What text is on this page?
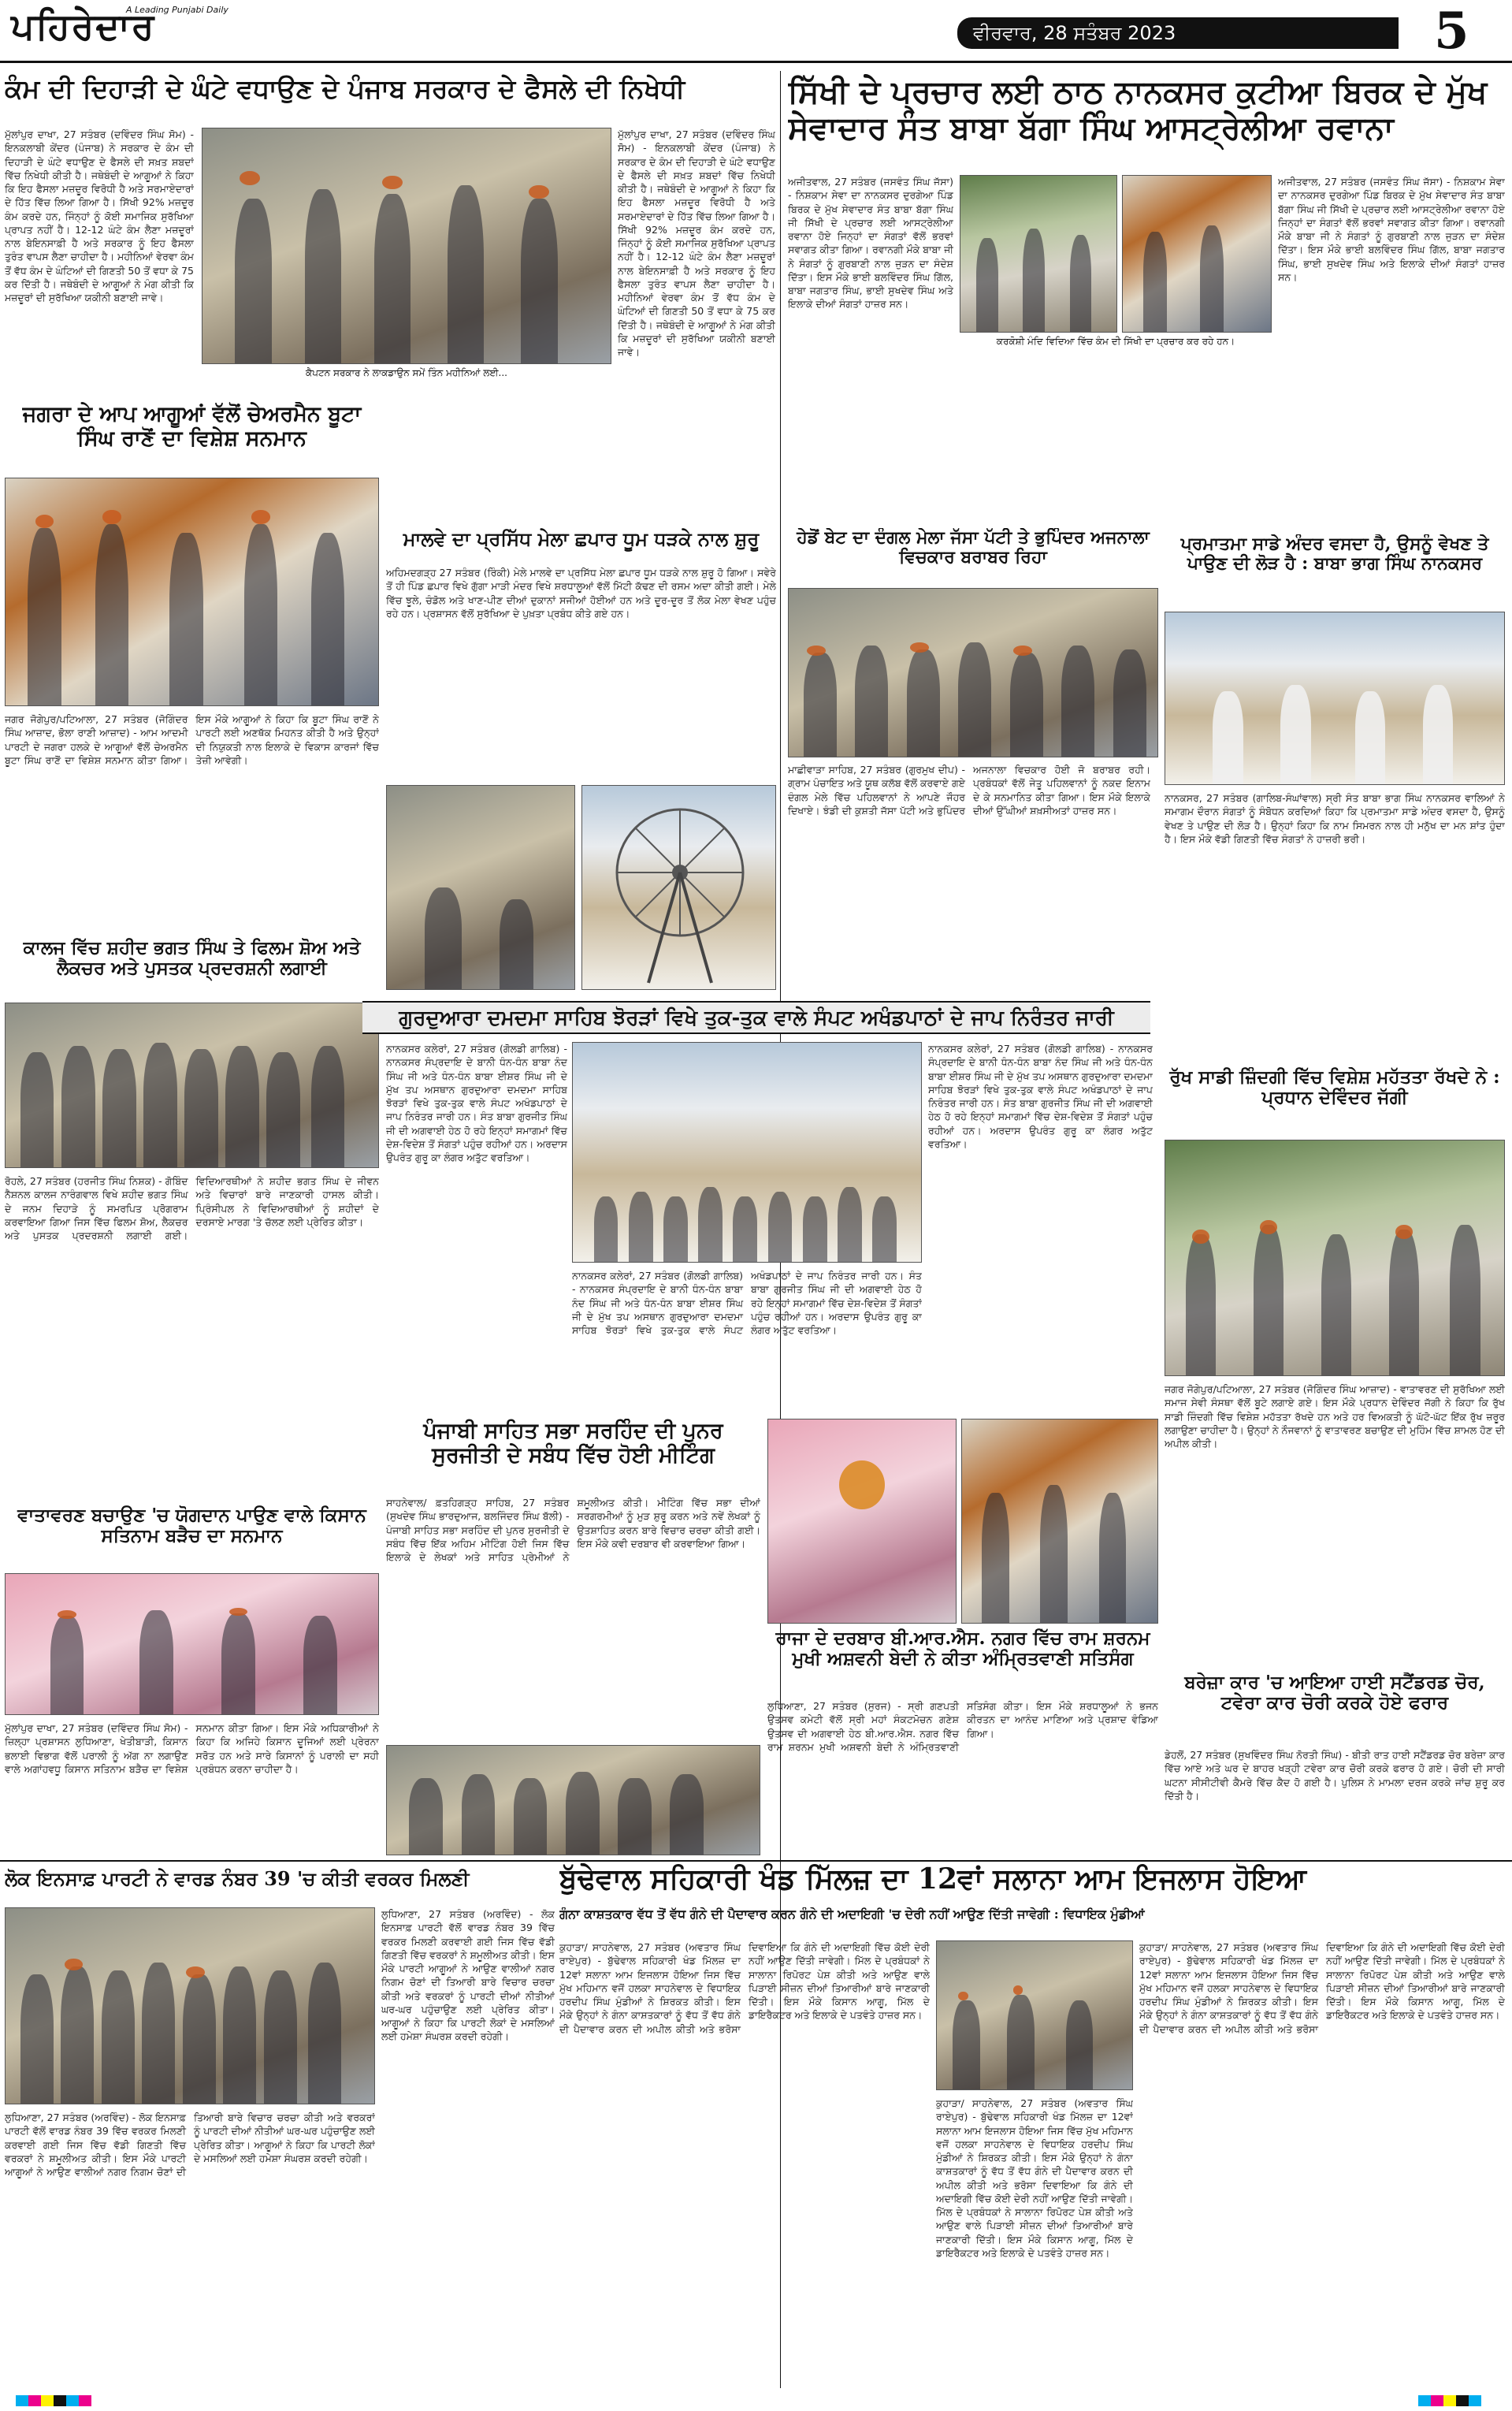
ਪਹਿਰੇਦਾਰ
A Leading Punjabi Daily
ਵੀਰਵਾਰ, 28 ਸਤੰਬਰ 2023	5
ਕੰਮ ਦੀ ਦਿਹਾੜੀ ਦੇ ਘੰਟੇ ਵਧਾਉਣ ਦੇ ਪੰਜਾਬ ਸਰਕਾਰ ਦੇ ਫੈਸਲੇ ਦੀ ਨਿਖੇਧੀ
ਮੁੱਲਾਂਪੁਰ ਦਾਖਾ, 27 ਸਤੰਬਰ (ਦਵਿੰਦਰ ਸਿੰਘ ਸੋਮ) - ਇਨਕਲਾਬੀ ਕੇਂਦਰ (ਪੰਜਾਬ) ਨੇ ਸਰਕਾਰ ਦੇ ਕੰਮ ਦੀ ਦਿਹਾੜੀ ਦੇ ਘੰਟੇ ਵਧਾਉਣ ਦੇ ਫੈਸਲੇ ਦੀ ਸਖ਼ਤ ਸ਼ਬਦਾਂ ਵਿੱਚ ਨਿਖੇਧੀ ਕੀਤੀ ਹੈ। ਜਥੇਬੰਦੀ ਦੇ ਆਗੂਆਂ ਨੇ ਕਿਹਾ ਕਿ ਇਹ ਫੈਸਲਾ ਮਜ਼ਦੂਰ ਵਿਰੋਧੀ ਹੈ ਅਤੇ ਸਰਮਾਏਦਾਰਾਂ ਦੇ ਹਿੱਤ ਵਿੱਚ ਲਿਆ ਗਿਆ ਹੈ। ਸਿੱਖੀ 92% ਮਜ਼ਦੂਰ ਕੰਮ ਕਰਦੇ ਹਨ, ਜਿੰਨ੍ਹਾਂ ਨੂੰ ਕੋਈ ਸਮਾਜਿਕ ਸੁਰੱਖਿਆ ਪ੍ਰਾਪਤ ਨਹੀਂ ਹੈ। 12-12 ਘੰਟੇ ਕੰਮ ਲੈਣਾ ਮਜ਼ਦੂਰਾਂ ਨਾਲ ਬੇਇਨਸਾਫ਼ੀ ਹੈ ਅਤੇ ਸਰਕਾਰ ਨੂੰ ਇਹ ਫੈਸਲਾ ਤੁਰੰਤ ਵਾਪਸ ਲੈਣਾ ਚਾਹੀਦਾ ਹੈ। ਮਹੀਨਿਆਂ ਵੇਰਵਾ ਕੰਮ ਤੋਂ ਵੱਧ ਕੰਮ ਦੇ ਘੰਟਿਆਂ ਦੀ ਗਿਣਤੀ 50 ਤੋਂ ਵਧਾ ਕੇ 75 ਕਰ ਦਿੱਤੀ ਹੈ। ਜਥੇਬੰਦੀ ਦੇ ਆਗੂਆਂ ਨੇ ਮੰਗ ਕੀਤੀ ਕਿ ਮਜ਼ਦੂਰਾਂ ਦੀ ਸੁਰੱਖਿਆ ਯਕੀਨੀ ਬਣਾਈ ਜਾਵੇ।
ਕੈਪਟਨ ਸਰਕਾਰ ਨੇ ਲਾਕਡਾਉਨ ਸਮੇਂ ਤਿੰਨ ਮਹੀਨਿਆਂ ਲਈ...
ਮੁੱਲਾਂਪੁਰ ਦਾਖਾ, 27 ਸਤੰਬਰ (ਦਵਿੰਦਰ ਸਿੰਘ ਸੋਮ) - ਇਨਕਲਾਬੀ ਕੇਂਦਰ (ਪੰਜਾਬ) ਨੇ ਸਰਕਾਰ ਦੇ ਕੰਮ ਦੀ ਦਿਹਾੜੀ ਦੇ ਘੰਟੇ ਵਧਾਉਣ ਦੇ ਫੈਸਲੇ ਦੀ ਸਖ਼ਤ ਸ਼ਬਦਾਂ ਵਿੱਚ ਨਿਖੇਧੀ ਕੀਤੀ ਹੈ। ਜਥੇਬੰਦੀ ਦੇ ਆਗੂਆਂ ਨੇ ਕਿਹਾ ਕਿ ਇਹ ਫੈਸਲਾ ਮਜ਼ਦੂਰ ਵਿਰੋਧੀ ਹੈ ਅਤੇ ਸਰਮਾਏਦਾਰਾਂ ਦੇ ਹਿੱਤ ਵਿੱਚ ਲਿਆ ਗਿਆ ਹੈ। ਸਿੱਖੀ 92% ਮਜ਼ਦੂਰ ਕੰਮ ਕਰਦੇ ਹਨ, ਜਿੰਨ੍ਹਾਂ ਨੂੰ ਕੋਈ ਸਮਾਜਿਕ ਸੁਰੱਖਿਆ ਪ੍ਰਾਪਤ ਨਹੀਂ ਹੈ। 12-12 ਘੰਟੇ ਕੰਮ ਲੈਣਾ ਮਜ਼ਦੂਰਾਂ ਨਾਲ ਬੇਇਨਸਾਫ਼ੀ ਹੈ ਅਤੇ ਸਰਕਾਰ ਨੂੰ ਇਹ ਫੈਸਲਾ ਤੁਰੰਤ ਵਾਪਸ ਲੈਣਾ ਚਾਹੀਦਾ ਹੈ। ਮਹੀਨਿਆਂ ਵੇਰਵਾ ਕੰਮ ਤੋਂ ਵੱਧ ਕੰਮ ਦੇ ਘੰਟਿਆਂ ਦੀ ਗਿਣਤੀ 50 ਤੋਂ ਵਧਾ ਕੇ 75 ਕਰ ਦਿੱਤੀ ਹੈ। ਜਥੇਬੰਦੀ ਦੇ ਆਗੂਆਂ ਨੇ ਮੰਗ ਕੀਤੀ ਕਿ ਮਜ਼ਦੂਰਾਂ ਦੀ ਸੁਰੱਖਿਆ ਯਕੀਨੀ ਬਣਾਈ ਜਾਵੇ।
ਸਿੱਖੀ ਦੇ ਪ੍ਰਚਾਰ ਲਈ ਠਾਠ ਨਾਨਕਸਰ ਕੁਟੀਆ ਬਿਰਕ ਦੇ ਮੁੱਖ ਸੇਵਾਦਾਰ ਸੰਤ ਬਾਬਾ ਬੱਗਾ ਸਿੰਘ ਆਸਟ੍ਰੇਲੀਆ ਰਵਾਨਾ
ਅਜੀਤਵਾਲ, 27 ਸਤੰਬਰ (ਜਸਵੰਤ ਸਿੰਘ ਜੱਸਾ) - ਨਿਸ਼ਕਾਮ ਸੇਵਾ ਦਾ ਨਾਨਕਸਰ ਦੁਰਗੇਆ ਪਿੰਡ ਬਿਰਕ ਦੇ ਮੁੱਖ ਸੇਵਾਦਾਰ ਸੰਤ ਬਾਬਾ ਬੱਗਾ ਸਿੰਘ ਜੀ ਸਿੱਖੀ ਦੇ ਪ੍ਰਚਾਰ ਲਈ ਆਸਟ੍ਰੇਲੀਆ ਰਵਾਨਾ ਹੋਏ ਜਿਨ੍ਹਾਂ ਦਾ ਸੰਗਤਾਂ ਵੱਲੋਂ ਭਰਵਾਂ ਸਵਾਗਤ ਕੀਤਾ ਗਿਆ। ਰਵਾਨਗੀ ਮੌਕੇ ਬਾਬਾ ਜੀ ਨੇ ਸੰਗਤਾਂ ਨੂੰ ਗੁਰਬਾਣੀ ਨਾਲ ਜੁੜਨ ਦਾ ਸੰਦੇਸ਼ ਦਿੱਤਾ। ਇਸ ਮੌਕੇ ਭਾਈ ਬਲਵਿੰਦਰ ਸਿੰਘ ਗਿੱਲ, ਬਾਬਾ ਜਗਤਾਰ ਸਿੰਘ, ਭਾਈ ਸੁਖਦੇਵ ਸਿੰਘ ਅਤੇ ਇਲਾਕੇ ਦੀਆਂ ਸੰਗਤਾਂ ਹਾਜ਼ਰ ਸਨ।
ਕਰਕੋਸ਼ੀ ਮੰਦਿ ਵਿਦਿਆ ਵਿੱਚ ਕੰਮ ਦੀ ਸਿੱਖੀ ਦਾ ਪ੍ਰਚਾਰ ਕਰ ਰਹੇ ਹਨ।
ਅਜੀਤਵਾਲ, 27 ਸਤੰਬਰ (ਜਸਵੰਤ ਸਿੰਘ ਜੱਸਾ) - ਨਿਸ਼ਕਾਮ ਸੇਵਾ ਦਾ ਨਾਨਕਸਰ ਦੁਰਗੇਆ ਪਿੰਡ ਬਿਰਕ ਦੇ ਮੁੱਖ ਸੇਵਾਦਾਰ ਸੰਤ ਬਾਬਾ ਬੱਗਾ ਸਿੰਘ ਜੀ ਸਿੱਖੀ ਦੇ ਪ੍ਰਚਾਰ ਲਈ ਆਸਟ੍ਰੇਲੀਆ ਰਵਾਨਾ ਹੋਏ ਜਿਨ੍ਹਾਂ ਦਾ ਸੰਗਤਾਂ ਵੱਲੋਂ ਭਰਵਾਂ ਸਵਾਗਤ ਕੀਤਾ ਗਿਆ। ਰਵਾਨਗੀ ਮੌਕੇ ਬਾਬਾ ਜੀ ਨੇ ਸੰਗਤਾਂ ਨੂੰ ਗੁਰਬਾਣੀ ਨਾਲ ਜੁੜਨ ਦਾ ਸੰਦੇਸ਼ ਦਿੱਤਾ। ਇਸ ਮੌਕੇ ਭਾਈ ਬਲਵਿੰਦਰ ਸਿੰਘ ਗਿੱਲ, ਬਾਬਾ ਜਗਤਾਰ ਸਿੰਘ, ਭਾਈ ਸੁਖਦੇਵ ਸਿੰਘ ਅਤੇ ਇਲਾਕੇ ਦੀਆਂ ਸੰਗਤਾਂ ਹਾਜ਼ਰ ਸਨ।
ਜਗਰਾ ਦੇ ਆਪ ਆਗੂਆਂ ਵੱਲੋਂ ਚੇਅਰਮੈਨ ਬੂਟਾ ਸਿੰਘ ਰਾਣੋਂ ਦਾ ਵਿਸ਼ੇਸ਼ ਸਨਮਾਨ
ਜਗਰ ਜੋਗੇਪੁਰ/ਪਟਿਆਲਾ, 27 ਸਤੰਬਰ (ਜੋਗਿੰਦਰ ਸਿੰਘ ਆਜ਼ਾਦ, ਭੋਲਾ ਰਾਣੀ ਆਜ਼ਾਦ) - ਆਮ ਆਦਮੀ ਪਾਰਟੀ ਦੇ ਜਗਰਾ ਹਲਕੇ ਦੇ ਆਗੂਆਂ ਵੱਲੋਂ ਚੇਅਰਮੈਨ ਬੂਟਾ ਸਿੰਘ ਰਾਣੋਂ ਦਾ ਵਿਸ਼ੇਸ਼ ਸਨਮਾਨ ਕੀਤਾ ਗਿਆ। ਇਸ ਮੌਕੇ ਆਗੂਆਂ ਨੇ ਕਿਹਾ ਕਿ ਬੂਟਾ ਸਿੰਘ ਰਾਣੋਂ ਨੇ ਪਾਰਟੀ ਲਈ ਅਣਥੱਕ ਮਿਹਨਤ ਕੀਤੀ ਹੈ ਅਤੇ ਉਨ੍ਹਾਂ ਦੀ ਨਿਯੁਕਤੀ ਨਾਲ ਇਲਾਕੇ ਦੇ ਵਿਕਾਸ ਕਾਰਜਾਂ ਵਿੱਚ ਤੇਜ਼ੀ ਆਵੇਗੀ।
ਮਾਲਵੇ ਦਾ ਪ੍ਰਸਿੱਧ ਮੇਲਾ ਛਪਾਰ ਧੂਮ ਧੜਕੇ ਨਾਲ ਸ਼ੁਰੂ
ਅਹਿਮਦਗੜ੍ਹ 27 ਸਤੰਬਰ (ਰਿੰਕੀ) ਮੇਲੇ ਮਾਲਵੇ ਦਾ ਪ੍ਰਸਿੱਧ ਮੇਲਾ ਛਪਾਰ ਧੂਮ ਧੜਕੇ ਨਾਲ ਸ਼ੁਰੂ ਹੋ ਗਿਆ। ਸਵੇਰੇ ਤੋਂ ਹੀ ਪਿੰਡ ਛਪਾਰ ਵਿਖੇ ਗੁੱਗਾ ਮਾੜੀ ਮੰਦਰ ਵਿਖੇ ਸ਼ਰਧਾਲੂਆਂ ਵੱਲੋਂ ਮਿੱਟੀ ਕੱਢਣ ਦੀ ਰਸਮ ਅਦਾ ਕੀਤੀ ਗਈ। ਮੇਲੇ ਵਿੱਚ ਝੂਲੇ, ਚੰਡੋਲ ਅਤੇ ਖਾਣ-ਪੀਣ ਦੀਆਂ ਦੁਕਾਨਾਂ ਸਜੀਆਂ ਹੋਈਆਂ ਹਨ ਅਤੇ ਦੂਰ-ਦੂਰ ਤੋਂ ਲੋਕ ਮੇਲਾ ਵੇਖਣ ਪਹੁੰਚ ਰਹੇ ਹਨ। ਪ੍ਰਸ਼ਾਸਨ ਵੱਲੋਂ ਸੁਰੱਖਿਆ ਦੇ ਪੁਖ਼ਤਾ ਪ੍ਰਬੰਧ ਕੀਤੇ ਗਏ ਹਨ।
ਹੇਡੋਂ ਬੇਟ ਦਾ ਦੰਗਲ ਮੇਲਾ ਜੱਸਾ ਪੱਟੀ ਤੇ ਭੁਪਿੰਦਰ ਅਜਨਾਲਾ ਵਿਚਕਾਰ ਬਰਾਬਰ ਰਿਹਾ
ਮਾਛੀਵਾੜਾ ਸਾਹਿਬ, 27 ਸਤੰਬਰ (ਗੁਰਮੁਖ ਦੀਪ) - ਗ੍ਰਾਮ ਪੰਚਾਇਤ ਅਤੇ ਯੂਥ ਕਲੱਬ ਵੱਲੋਂ ਕਰਵਾਏ ਗਏ ਦੰਗਲ ਮੇਲੇ ਵਿੱਚ ਪਹਿਲਵਾਨਾਂ ਨੇ ਆਪਣੇ ਜੌਹਰ ਦਿਖਾਏ। ਝੰਡੀ ਦੀ ਕੁਸ਼ਤੀ ਜੱਸਾ ਪੱਟੀ ਅਤੇ ਭੁਪਿੰਦਰ ਅਜਨਾਲਾ ਵਿਚਕਾਰ ਹੋਈ ਜੋ ਬਰਾਬਰ ਰਹੀ। ਪ੍ਰਬੰਧਕਾਂ ਵੱਲੋਂ ਜੇਤੂ ਪਹਿਲਵਾਨਾਂ ਨੂੰ ਨਕਦ ਇਨਾਮ ਦੇ ਕੇ ਸਨਮਾਨਿਤ ਕੀਤਾ ਗਿਆ। ਇਸ ਮੌਕੇ ਇਲਾਕੇ ਦੀਆਂ ਉੱਘੀਆਂ ਸ਼ਖ਼ਸੀਅਤਾਂ ਹਾਜ਼ਰ ਸਨ।
ਪ੍ਰਮਾਤਮਾ ਸਾਡੇ ਅੰਦਰ ਵਸਦਾ ਹੈ, ਉਸਨੂੰ ਵੇਖਣ ਤੇ ਪਾਉਣ ਦੀ ਲੋੜ ਹੈ : ਬਾਬਾ ਭਾਗ ਸਿੰਘ ਨਾਨਕਸਰ
ਨਾਨਕਸਰ, 27 ਸਤੰਬਰ (ਗਾਲਿਬ-ਸੰਘਾਂਵਾਲ) ਸ੍ਰੀ ਸੰਤ ਬਾਬਾ ਭਾਗ ਸਿੰਘ ਨਾਨਕਸਰ ਵਾਲਿਆਂ ਨੇ ਸਮਾਗਮ ਦੌਰਾਨ ਸੰਗਤਾਂ ਨੂੰ ਸੰਬੋਧਨ ਕਰਦਿਆਂ ਕਿਹਾ ਕਿ ਪ੍ਰਮਾਤਮਾ ਸਾਡੇ ਅੰਦਰ ਵਸਦਾ ਹੈ, ਉਸਨੂੰ ਵੇਖਣ ਤੇ ਪਾਉਣ ਦੀ ਲੋੜ ਹੈ। ਉਨ੍ਹਾਂ ਕਿਹਾ ਕਿ ਨਾਮ ਸਿਮਰਨ ਨਾਲ ਹੀ ਮਨੁੱਖ ਦਾ ਮਨ ਸ਼ਾਂਤ ਹੁੰਦਾ ਹੈ। ਇਸ ਮੌਕੇ ਵੱਡੀ ਗਿਣਤੀ ਵਿੱਚ ਸੰਗਤਾਂ ਨੇ ਹਾਜ਼ਰੀ ਭਰੀ।
ਕਾਲਜ ਵਿੱਚ ਸ਼ਹੀਦ ਭਗਤ ਸਿੰਘ ਤੇ ਫਿਲਮ ਸ਼ੋਅ ਅਤੇ ਲੈਕਚਰ ਅਤੇ ਪੁਸਤਕ ਪ੍ਰਦਰਸ਼ਨੀ ਲਗਾਈ
ਰੋਹਲੇ, 27 ਸਤੰਬਰ (ਹਰਜੀਤ ਸਿੰਘ ਨਿਸ਼ਕ) - ਗੋਬਿੰਦ ਨੈਸ਼ਨਲ ਕਾਲਜ ਨਾਰੰਗਵਾਲ ਵਿਖੇ ਸ਼ਹੀਦ ਭਗਤ ਸਿੰਘ ਦੇ ਜਨਮ ਦਿਹਾੜੇ ਨੂੰ ਸਮਰਪਿਤ ਪ੍ਰੋਗਰਾਮ ਕਰਵਾਇਆ ਗਿਆ ਜਿਸ ਵਿੱਚ ਫਿਲਮ ਸ਼ੋਅ, ਲੈਕਚਰ ਅਤੇ ਪੁਸਤਕ ਪ੍ਰਦਰਸ਼ਨੀ ਲਗਾਈ ਗਈ। ਵਿਦਿਆਰਥੀਆਂ ਨੇ ਸ਼ਹੀਦ ਭਗਤ ਸਿੰਘ ਦੇ ਜੀਵਨ ਅਤੇ ਵਿਚਾਰਾਂ ਬਾਰੇ ਜਾਣਕਾਰੀ ਹਾਸਲ ਕੀਤੀ। ਪ੍ਰਿੰਸੀਪਲ ਨੇ ਵਿਦਿਆਰਥੀਆਂ ਨੂੰ ਸ਼ਹੀਦਾਂ ਦੇ ਦਰਸਾਏ ਮਾਰਗ 'ਤੇ ਚੱਲਣ ਲਈ ਪ੍ਰੇਰਿਤ ਕੀਤਾ।
ਗੁਰਦੁਆਰਾ ਦਮਦਮਾ ਸਾਹਿਬ ਝੋਰੜਾਂ ਵਿਖੇ ਤੁਕ-ਤੁਕ ਵਾਲੇ ਸੰਪਟ ਅਖੰਡਪਾਠਾਂ ਦੇ ਜਾਪ ਨਿਰੰਤਰ ਜਾਰੀ
ਨਾਨਕਸਰ ਕਲੇਰਾਂ, 27 ਸਤੰਬਰ (ਗੋਲਡੀ ਗਾਲਿਬ) - ਨਾਨਕਸਰ ਸੰਪ੍ਰਦਾਇ ਦੇ ਬਾਨੀ ਧੰਨ-ਧੰਨ ਬਾਬਾ ਨੰਦ ਸਿੰਘ ਜੀ ਅਤੇ ਧੰਨ-ਧੰਨ ਬਾਬਾ ਈਸ਼ਰ ਸਿੰਘ ਜੀ ਦੇ ਮੁੱਖ ਤਪ ਅਸਥਾਨ ਗੁਰਦੁਆਰਾ ਦਮਦਮਾ ਸਾਹਿਬ ਝੋਰੜਾਂ ਵਿਖੇ ਤੁਕ-ਤੁਕ ਵਾਲੇ ਸੰਪਟ ਅਖੰਡਪਾਠਾਂ ਦੇ ਜਾਪ ਨਿਰੰਤਰ ਜਾਰੀ ਹਨ। ਸੰਤ ਬਾਬਾ ਗੁਰਜੀਤ ਸਿੰਘ ਜੀ ਦੀ ਅਗਵਾਈ ਹੇਠ ਹੋ ਰਹੇ ਇਨ੍ਹਾਂ ਸਮਾਗਮਾਂ ਵਿੱਚ ਦੇਸ਼-ਵਿਦੇਸ਼ ਤੋਂ ਸੰਗਤਾਂ ਪਹੁੰਚ ਰਹੀਆਂ ਹਨ। ਅਰਦਾਸ ਉਪਰੰਤ ਗੁਰੂ ਕਾ ਲੰਗਰ ਅਤੁੱਟ ਵਰਤਿਆ।
ਨਾਨਕਸਰ ਕਲੇਰਾਂ, 27 ਸਤੰਬਰ (ਗੋਲਡੀ ਗਾਲਿਬ) - ਨਾਨਕਸਰ ਸੰਪ੍ਰਦਾਇ ਦੇ ਬਾਨੀ ਧੰਨ-ਧੰਨ ਬਾਬਾ ਨੰਦ ਸਿੰਘ ਜੀ ਅਤੇ ਧੰਨ-ਧੰਨ ਬਾਬਾ ਈਸ਼ਰ ਸਿੰਘ ਜੀ ਦੇ ਮੁੱਖ ਤਪ ਅਸਥਾਨ ਗੁਰਦੁਆਰਾ ਦਮਦਮਾ ਸਾਹਿਬ ਝੋਰੜਾਂ ਵਿਖੇ ਤੁਕ-ਤੁਕ ਵਾਲੇ ਸੰਪਟ ਅਖੰਡਪਾਠਾਂ ਦੇ ਜਾਪ ਨਿਰੰਤਰ ਜਾਰੀ ਹਨ। ਸੰਤ ਬਾਬਾ ਗੁਰਜੀਤ ਸਿੰਘ ਜੀ ਦੀ ਅਗਵਾਈ ਹੇਠ ਹੋ ਰਹੇ ਇਨ੍ਹਾਂ ਸਮਾਗਮਾਂ ਵਿੱਚ ਦੇਸ਼-ਵਿਦੇਸ਼ ਤੋਂ ਸੰਗਤਾਂ ਪਹੁੰਚ ਰਹੀਆਂ ਹਨ। ਅਰਦਾਸ ਉਪਰੰਤ ਗੁਰੂ ਕਾ ਲੰਗਰ ਅਤੁੱਟ ਵਰਤਿਆ।
ਨਾਨਕਸਰ ਕਲੇਰਾਂ, 27 ਸਤੰਬਰ (ਗੋਲਡੀ ਗਾਲਿਬ) - ਨਾਨਕਸਰ ਸੰਪ੍ਰਦਾਇ ਦੇ ਬਾਨੀ ਧੰਨ-ਧੰਨ ਬਾਬਾ ਨੰਦ ਸਿੰਘ ਜੀ ਅਤੇ ਧੰਨ-ਧੰਨ ਬਾਬਾ ਈਸ਼ਰ ਸਿੰਘ ਜੀ ਦੇ ਮੁੱਖ ਤਪ ਅਸਥਾਨ ਗੁਰਦੁਆਰਾ ਦਮਦਮਾ ਸਾਹਿਬ ਝੋਰੜਾਂ ਵਿਖੇ ਤੁਕ-ਤੁਕ ਵਾਲੇ ਸੰਪਟ ਅਖੰਡਪਾਠਾਂ ਦੇ ਜਾਪ ਨਿਰੰਤਰ ਜਾਰੀ ਹਨ। ਸੰਤ ਬਾਬਾ ਗੁਰਜੀਤ ਸਿੰਘ ਜੀ ਦੀ ਅਗਵਾਈ ਹੇਠ ਹੋ ਰਹੇ ਇਨ੍ਹਾਂ ਸਮਾਗਮਾਂ ਵਿੱਚ ਦੇਸ਼-ਵਿਦੇਸ਼ ਤੋਂ ਸੰਗਤਾਂ ਪਹੁੰਚ ਰਹੀਆਂ ਹਨ। ਅਰਦਾਸ ਉਪਰੰਤ ਗੁਰੂ ਕਾ ਲੰਗਰ ਅਤੁੱਟ ਵਰਤਿਆ।
ਰੁੱਖ ਸਾਡੀ ਜ਼ਿੰਦਗੀ ਵਿੱਚ ਵਿਸ਼ੇਸ਼ ਮਹੱਤਤਾ ਰੱਖਦੇ ਨੇ : ਪ੍ਰਧਾਨ ਦੇਵਿੰਦਰ ਜੱਗੀ
ਜਗਰ ਜੋਗੇਪੁਰ/ਪਟਿਆਲਾ, 27 ਸਤੰਬਰ (ਜੋਗਿੰਦਰ ਸਿੰਘ ਆਜ਼ਾਦ) - ਵਾਤਾਵਰਣ ਦੀ ਸੁਰੱਖਿਆ ਲਈ ਸਮਾਜ ਸੇਵੀ ਸੰਸਥਾ ਵੱਲੋਂ ਬੂਟੇ ਲਗਾਏ ਗਏ। ਇਸ ਮੌਕੇ ਪ੍ਰਧਾਨ ਦੇਵਿੰਦਰ ਜੱਗੀ ਨੇ ਕਿਹਾ ਕਿ ਰੁੱਖ ਸਾਡੀ ਜ਼ਿੰਦਗੀ ਵਿੱਚ ਵਿਸ਼ੇਸ਼ ਮਹੱਤਤਾ ਰੱਖਦੇ ਹਨ ਅਤੇ ਹਰ ਵਿਅਕਤੀ ਨੂੰ ਘੱਟੋ-ਘੱਟ ਇੱਕ ਰੁੱਖ ਜ਼ਰੂਰ ਲਗਾਉਣਾ ਚਾਹੀਦਾ ਹੈ। ਉਨ੍ਹਾਂ ਨੇ ਨੌਜਵਾਨਾਂ ਨੂੰ ਵਾਤਾਵਰਣ ਬਚਾਉਣ ਦੀ ਮੁਹਿੰਮ ਵਿੱਚ ਸ਼ਾਮਲ ਹੋਣ ਦੀ ਅਪੀਲ ਕੀਤੀ।
ਪੰਜਾਬੀ ਸਾਹਿਤ ਸਭਾ ਸਰਹਿੰਦ ਦੀ ਪੁਨਰ ਸੁਰਜੀਤੀ ਦੇ ਸਬੰਧ ਵਿੱਚ ਹੋਈ ਮੀਟਿੰਗ
ਸਾਹਨੇਵਾਲ/ ਫ਼ਤਹਿਗੜ੍ਹ ਸਾਹਿਬ, 27 ਸਤੰਬਰ (ਸੁਖਦੇਵ ਸਿੰਘ ਭਾਰਦੁਆਜ, ਬਲਜਿੰਦਰ ਸਿੰਘ ਬੱਲੀ) - ਪੰਜਾਬੀ ਸਾਹਿਤ ਸਭਾ ਸਰਹਿੰਦ ਦੀ ਪੁਨਰ ਸੁਰਜੀਤੀ ਦੇ ਸਬੰਧ ਵਿੱਚ ਇੱਕ ਅਹਿਮ ਮੀਟਿੰਗ ਹੋਈ ਜਿਸ ਵਿੱਚ ਇਲਾਕੇ ਦੇ ਲੇਖਕਾਂ ਅਤੇ ਸਾਹਿਤ ਪ੍ਰੇਮੀਆਂ ਨੇ ਸ਼ਮੂਲੀਅਤ ਕੀਤੀ। ਮੀਟਿੰਗ ਵਿੱਚ ਸਭਾ ਦੀਆਂ ਸਰਗਰਮੀਆਂ ਨੂੰ ਮੁੜ ਸ਼ੁਰੂ ਕਰਨ ਅਤੇ ਨਵੇਂ ਲੇਖਕਾਂ ਨੂੰ ਉਤਸ਼ਾਹਿਤ ਕਰਨ ਬਾਰੇ ਵਿਚਾਰ ਚਰਚਾ ਕੀਤੀ ਗਈ। ਇਸ ਮੌਕੇ ਕਵੀ ਦਰਬਾਰ ਵੀ ਕਰਵਾਇਆ ਗਿਆ।
ਵਾਤਾਵਰਣ ਬਚਾਉਣ 'ਚ ਯੋਗਦਾਨ ਪਾਉਣ ਵਾਲੇ ਕਿਸਾਨ ਸਤਿਨਾਮ ਬੜੈਚ ਦਾ ਸਨਮਾਨ
ਮੁੱਲਾਂਪੁਰ ਦਾਖਾ, 27 ਸਤੰਬਰ (ਦਵਿੰਦਰ ਸਿੰਘ ਸੋਮ) - ਜ਼ਿਲ੍ਹਾ ਪ੍ਰਸ਼ਾਸਨ ਲੁਧਿਆਣਾ, ਖੇਤੀਬਾੜੀ, ਕਿਸਾਨ ਭਲਾਈ ਵਿਭਾਗ ਵੱਲੋਂ ਪਰਾਲੀ ਨੂੰ ਅੱਗ ਨਾ ਲਗਾਉਣ ਵਾਲੇ ਅਗਾਂਹਵਧੂ ਕਿਸਾਨ ਸਤਿਨਾਮ ਬੜੈਚ ਦਾ ਵਿਸ਼ੇਸ਼ ਸਨਮਾਨ ਕੀਤਾ ਗਿਆ। ਇਸ ਮੌਕੇ ਅਧਿਕਾਰੀਆਂ ਨੇ ਕਿਹਾ ਕਿ ਅਜਿਹੇ ਕਿਸਾਨ ਦੂਜਿਆਂ ਲਈ ਪ੍ਰੇਰਨਾ ਸਰੋਤ ਹਨ ਅਤੇ ਸਾਰੇ ਕਿਸਾਨਾਂ ਨੂੰ ਪਰਾਲੀ ਦਾ ਸਹੀ ਪ੍ਰਬੰਧਨ ਕਰਨਾ ਚਾਹੀਦਾ ਹੈ।
ਰਾਜਾ ਦੇ ਦਰਬਾਰ ਬੀ.ਆਰ.ਐਸ. ਨਗਰ ਵਿੱਚ ਰਾਮ ਸ਼ਰਨਮ ਮੁਖੀ ਅਸ਼ਵਨੀ ਬੇਦੀ ਨੇ ਕੀਤਾ ਅੰਮ੍ਰਿਤਵਾਣੀ ਸਤਿਸੰਗ
ਲੁਧਿਆਣਾ, 27 ਸਤੰਬਰ (ਸੁਰਜ) - ਸ੍ਰੀ ਗਣਪਤੀ ਉਤਸਵ ਕਮੇਟੀ ਵੱਲੋਂ ਸ੍ਰੀ ਮਹਾਂ ਸੰਕਟਮੋਚਨ ਗਣੇਸ਼ ਉਤਸਵ ਦੀ ਅਗਵਾਈ ਹੇਠ ਬੀ.ਆਰ.ਐਸ. ਨਗਰ ਵਿੱਚ ਰਾਮ ਸ਼ਰਨਮ ਮੁਖੀ ਅਸ਼ਵਨੀ ਬੇਦੀ ਨੇ ਅੰਮ੍ਰਿਤਵਾਣੀ ਸਤਿਸੰਗ ਕੀਤਾ। ਇਸ ਮੌਕੇ ਸ਼ਰਧਾਲੂਆਂ ਨੇ ਭਜਨ ਕੀਰਤਨ ਦਾ ਆਨੰਦ ਮਾਣਿਆ ਅਤੇ ਪ੍ਰਸ਼ਾਦ ਵੰਡਿਆ ਗਿਆ।
ਬਰੇਜ਼ਾ ਕਾਰ 'ਚ ਆਇਆ ਹਾਈ ਸਟੈਂਡਰਡ ਚੋਰ, ਟਵੇਰਾ ਕਾਰ ਚੋਰੀ ਕਰਕੇ ਹੋਏ ਫਰਾਰ
ਡੇਹਲੋਂ, 27 ਸਤੰਬਰ (ਸੁਖਵਿੰਦਰ ਸਿੰਘ ਨੋਰਤੀ ਸਿੰਘ) - ਬੀਤੀ ਰਾਤ ਹਾਈ ਸਟੈਂਡਰਡ ਚੋਰ ਬਰੇਜ਼ਾ ਕਾਰ ਵਿੱਚ ਆਏ ਅਤੇ ਘਰ ਦੇ ਬਾਹਰ ਖੜ੍ਹੀ ਟਵੇਰਾ ਕਾਰ ਚੋਰੀ ਕਰਕੇ ਫਰਾਰ ਹੋ ਗਏ। ਚੋਰੀ ਦੀ ਸਾਰੀ ਘਟਨਾ ਸੀਸੀਟੀਵੀ ਕੈਮਰੇ ਵਿੱਚ ਕੈਦ ਹੋ ਗਈ ਹੈ। ਪੁਲਿਸ ਨੇ ਮਾਮਲਾ ਦਰਜ ਕਰਕੇ ਜਾਂਚ ਸ਼ੁਰੂ ਕਰ ਦਿੱਤੀ ਹੈ।
ਲੋਕ ਇਨਸਾਫ਼ ਪਾਰਟੀ ਨੇ ਵਾਰਡ ਨੰਬਰ 39 'ਚ ਕੀਤੀ ਵਰਕਰ ਮਿਲਣੀ
ਲੁਧਿਆਣਾ, 27 ਸਤੰਬਰ (ਅਰਵਿੰਦ) - ਲੋਕ ਇਨਸਾਫ਼ ਪਾਰਟੀ ਵੱਲੋਂ ਵਾਰਡ ਨੰਬਰ 39 ਵਿੱਚ ਵਰਕਰ ਮਿਲਣੀ ਕਰਵਾਈ ਗਈ ਜਿਸ ਵਿੱਚ ਵੱਡੀ ਗਿਣਤੀ ਵਿੱਚ ਵਰਕਰਾਂ ਨੇ ਸ਼ਮੂਲੀਅਤ ਕੀਤੀ। ਇਸ ਮੌਕੇ ਪਾਰਟੀ ਆਗੂਆਂ ਨੇ ਆਉਣ ਵਾਲੀਆਂ ਨਗਰ ਨਿਗਮ ਚੋਣਾਂ ਦੀ ਤਿਆਰੀ ਬਾਰੇ ਵਿਚਾਰ ਚਰਚਾ ਕੀਤੀ ਅਤੇ ਵਰਕਰਾਂ ਨੂੰ ਪਾਰਟੀ ਦੀਆਂ ਨੀਤੀਆਂ ਘਰ-ਘਰ ਪਹੁੰਚਾਉਣ ਲਈ ਪ੍ਰੇਰਿਤ ਕੀਤਾ। ਆਗੂਆਂ ਨੇ ਕਿਹਾ ਕਿ ਪਾਰਟੀ ਲੋਕਾਂ ਦੇ ਮਸਲਿਆਂ ਲਈ ਹਮੇਸ਼ਾ ਸੰਘਰਸ਼ ਕਰਦੀ ਰਹੇਗੀ।
ਲੁਧਿਆਣਾ, 27 ਸਤੰਬਰ (ਅਰਵਿੰਦ) - ਲੋਕ ਇਨਸਾਫ਼ ਪਾਰਟੀ ਵੱਲੋਂ ਵਾਰਡ ਨੰਬਰ 39 ਵਿੱਚ ਵਰਕਰ ਮਿਲਣੀ ਕਰਵਾਈ ਗਈ ਜਿਸ ਵਿੱਚ ਵੱਡੀ ਗਿਣਤੀ ਵਿੱਚ ਵਰਕਰਾਂ ਨੇ ਸ਼ਮੂਲੀਅਤ ਕੀਤੀ। ਇਸ ਮੌਕੇ ਪਾਰਟੀ ਆਗੂਆਂ ਨੇ ਆਉਣ ਵਾਲੀਆਂ ਨਗਰ ਨਿਗਮ ਚੋਣਾਂ ਦੀ ਤਿਆਰੀ ਬਾਰੇ ਵਿਚਾਰ ਚਰਚਾ ਕੀਤੀ ਅਤੇ ਵਰਕਰਾਂ ਨੂੰ ਪਾਰਟੀ ਦੀਆਂ ਨੀਤੀਆਂ ਘਰ-ਘਰ ਪਹੁੰਚਾਉਣ ਲਈ ਪ੍ਰੇਰਿਤ ਕੀਤਾ। ਆਗੂਆਂ ਨੇ ਕਿਹਾ ਕਿ ਪਾਰਟੀ ਲੋਕਾਂ ਦੇ ਮਸਲਿਆਂ ਲਈ ਹਮੇਸ਼ਾ ਸੰਘਰਸ਼ ਕਰਦੀ ਰਹੇਗੀ।
ਬੁੱਢੇਵਾਲ ਸਹਿਕਾਰੀ ਖੰਡ ਮਿੱਲਜ਼ ਦਾ 12ਵਾਂ ਸਲਾਨਾ ਆਮ ਇਜਲਾਸ ਹੋਇਆ
ਗੰਨਾ ਕਾਸ਼ਤਕਾਰ ਵੱਧ ਤੋਂ ਵੱਧ ਗੰਨੇ ਦੀ ਪੈਦਾਵਾਰ ਕਰਨ ਗੰਨੇ ਦੀ ਅਦਾਇਗੀ 'ਚ ਦੇਰੀ ਨਹੀਂ ਆਉਣ ਦਿੱਤੀ ਜਾਵੇਗੀ : ਵਿਧਾਇਕ ਮੁੰਡੀਆਂ
ਕੁਹਾੜਾ/ ਸਾਹਨੇਵਾਲ, 27 ਸਤੰਬਰ (ਅਵਤਾਰ ਸਿੰਘ ਰਾਏਪੁਰ) - ਬੁੱਢੇਵਾਲ ਸਹਿਕਾਰੀ ਖੰਡ ਮਿੱਲਜ਼ ਦਾ 12ਵਾਂ ਸਲਾਨਾ ਆਮ ਇਜਲਾਸ ਹੋਇਆ ਜਿਸ ਵਿੱਚ ਮੁੱਖ ਮਹਿਮਾਨ ਵਜੋਂ ਹਲਕਾ ਸਾਹਨੇਵਾਲ ਦੇ ਵਿਧਾਇਕ ਹਰਦੀਪ ਸਿੰਘ ਮੁੰਡੀਆਂ ਨੇ ਸ਼ਿਰਕਤ ਕੀਤੀ। ਇਸ ਮੌਕੇ ਉਨ੍ਹਾਂ ਨੇ ਗੰਨਾ ਕਾਸ਼ਤਕਾਰਾਂ ਨੂੰ ਵੱਧ ਤੋਂ ਵੱਧ ਗੰਨੇ ਦੀ ਪੈਦਾਵਾਰ ਕਰਨ ਦੀ ਅਪੀਲ ਕੀਤੀ ਅਤੇ ਭਰੋਸਾ ਦਿਵਾਇਆ ਕਿ ਗੰਨੇ ਦੀ ਅਦਾਇਗੀ ਵਿੱਚ ਕੋਈ ਦੇਰੀ ਨਹੀਂ ਆਉਣ ਦਿੱਤੀ ਜਾਵੇਗੀ। ਮਿੱਲ ਦੇ ਪ੍ਰਬੰਧਕਾਂ ਨੇ ਸਾਲਾਨਾ ਰਿਪੋਰਟ ਪੇਸ਼ ਕੀਤੀ ਅਤੇ ਆਉਣ ਵਾਲੇ ਪਿੜਾਈ ਸੀਜ਼ਨ ਦੀਆਂ ਤਿਆਰੀਆਂ ਬਾਰੇ ਜਾਣਕਾਰੀ ਦਿੱਤੀ। ਇਸ ਮੌਕੇ ਕਿਸਾਨ ਆਗੂ, ਮਿੱਲ ਦੇ ਡਾਇਰੈਕਟਰ ਅਤੇ ਇਲਾਕੇ ਦੇ ਪਤਵੰਤੇ ਹਾਜ਼ਰ ਸਨ।
ਕੁਹਾੜਾ/ ਸਾਹਨੇਵਾਲ, 27 ਸਤੰਬਰ (ਅਵਤਾਰ ਸਿੰਘ ਰਾਏਪੁਰ) - ਬੁੱਢੇਵਾਲ ਸਹਿਕਾਰੀ ਖੰਡ ਮਿੱਲਜ਼ ਦਾ 12ਵਾਂ ਸਲਾਨਾ ਆਮ ਇਜਲਾਸ ਹੋਇਆ ਜਿਸ ਵਿੱਚ ਮੁੱਖ ਮਹਿਮਾਨ ਵਜੋਂ ਹਲਕਾ ਸਾਹਨੇਵਾਲ ਦੇ ਵਿਧਾਇਕ ਹਰਦੀਪ ਸਿੰਘ ਮੁੰਡੀਆਂ ਨੇ ਸ਼ਿਰਕਤ ਕੀਤੀ। ਇਸ ਮੌਕੇ ਉਨ੍ਹਾਂ ਨੇ ਗੰਨਾ ਕਾਸ਼ਤਕਾਰਾਂ ਨੂੰ ਵੱਧ ਤੋਂ ਵੱਧ ਗੰਨੇ ਦੀ ਪੈਦਾਵਾਰ ਕਰਨ ਦੀ ਅਪੀਲ ਕੀਤੀ ਅਤੇ ਭਰੋਸਾ ਦਿਵਾਇਆ ਕਿ ਗੰਨੇ ਦੀ ਅਦਾਇਗੀ ਵਿੱਚ ਕੋਈ ਦੇਰੀ ਨਹੀਂ ਆਉਣ ਦਿੱਤੀ ਜਾਵੇਗੀ। ਮਿੱਲ ਦੇ ਪ੍ਰਬੰਧਕਾਂ ਨੇ ਸਾਲਾਨਾ ਰਿਪੋਰਟ ਪੇਸ਼ ਕੀਤੀ ਅਤੇ ਆਉਣ ਵਾਲੇ ਪਿੜਾਈ ਸੀਜ਼ਨ ਦੀਆਂ ਤਿਆਰੀਆਂ ਬਾਰੇ ਜਾਣਕਾਰੀ ਦਿੱਤੀ। ਇਸ ਮੌਕੇ ਕਿਸਾਨ ਆਗੂ, ਮਿੱਲ ਦੇ ਡਾਇਰੈਕਟਰ ਅਤੇ ਇਲਾਕੇ ਦੇ ਪਤਵੰਤੇ ਹਾਜ਼ਰ ਸਨ।
ਕੁਹਾੜਾ/ ਸਾਹਨੇਵਾਲ, 27 ਸਤੰਬਰ (ਅਵਤਾਰ ਸਿੰਘ ਰਾਏਪੁਰ) - ਬੁੱਢੇਵਾਲ ਸਹਿਕਾਰੀ ਖੰਡ ਮਿੱਲਜ਼ ਦਾ 12ਵਾਂ ਸਲਾਨਾ ਆਮ ਇਜਲਾਸ ਹੋਇਆ ਜਿਸ ਵਿੱਚ ਮੁੱਖ ਮਹਿਮਾਨ ਵਜੋਂ ਹਲਕਾ ਸਾਹਨੇਵਾਲ ਦੇ ਵਿਧਾਇਕ ਹਰਦੀਪ ਸਿੰਘ ਮੁੰਡੀਆਂ ਨੇ ਸ਼ਿਰਕਤ ਕੀਤੀ। ਇਸ ਮੌਕੇ ਉਨ੍ਹਾਂ ਨੇ ਗੰਨਾ ਕਾਸ਼ਤਕਾਰਾਂ ਨੂੰ ਵੱਧ ਤੋਂ ਵੱਧ ਗੰਨੇ ਦੀ ਪੈਦਾਵਾਰ ਕਰਨ ਦੀ ਅਪੀਲ ਕੀਤੀ ਅਤੇ ਭਰੋਸਾ ਦਿਵਾਇਆ ਕਿ ਗੰਨੇ ਦੀ ਅਦਾਇਗੀ ਵਿੱਚ ਕੋਈ ਦੇਰੀ ਨਹੀਂ ਆਉਣ ਦਿੱਤੀ ਜਾਵੇਗੀ। ਮਿੱਲ ਦੇ ਪ੍ਰਬੰਧਕਾਂ ਨੇ ਸਾਲਾਨਾ ਰਿਪੋਰਟ ਪੇਸ਼ ਕੀਤੀ ਅਤੇ ਆਉਣ ਵਾਲੇ ਪਿੜਾਈ ਸੀਜ਼ਨ ਦੀਆਂ ਤਿਆਰੀਆਂ ਬਾਰੇ ਜਾਣਕਾਰੀ ਦਿੱਤੀ। ਇਸ ਮੌਕੇ ਕਿਸਾਨ ਆਗੂ, ਮਿੱਲ ਦੇ ਡਾਇਰੈਕਟਰ ਅਤੇ ਇਲਾਕੇ ਦੇ ਪਤਵੰਤੇ ਹਾਜ਼ਰ ਸਨ।
